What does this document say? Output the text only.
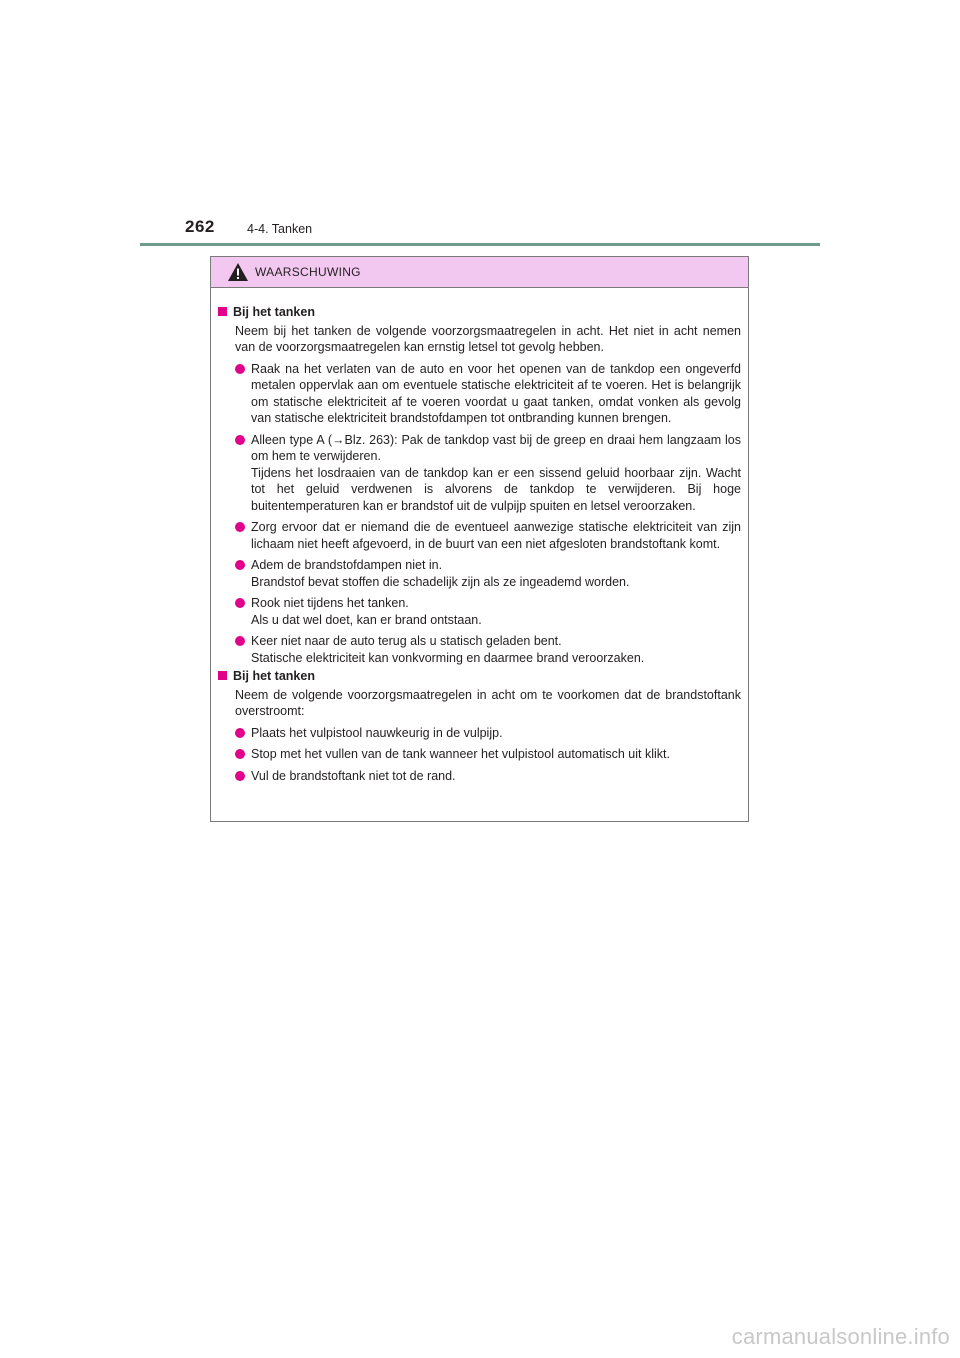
262	4-4. Tanken
WAARSCHUWING
Bij het tanken
Neem bij het tanken de volgende voorzorgsmaatregelen in acht. Het niet in acht nemen van de voorzorgsmaatregelen kan ernstig letsel tot gevolg hebben.
Raak na het verlaten van de auto en voor het openen van de tankdop een ongeverfd metalen oppervlak aan om eventuele statische elektriciteit af te voeren. Het is belangrijk om statische elektriciteit af te voeren voordat u gaat tanken, omdat vonken als gevolg van statische elektriciteit brandstofdampen tot ontbranding kunnen brengen.
Alleen type A (→Blz. 263): Pak de tankdop vast bij de greep en draai hem langzaam los om hem te verwijderen.
Tijdens het losdraaien van de tankdop kan er een sissend geluid hoorbaar zijn. Wacht tot het geluid verdwenen is alvorens de tankdop te verwijderen. Bij hoge buitentemperaturen kan er brandstof uit de vulpijp spuiten en letsel veroorzaken.
Zorg ervoor dat er niemand die de eventueel aanwezige statische elektriciteit van zijn lichaam niet heeft afgevoerd, in de buurt van een niet afgesloten brandstoftank komt.
Adem de brandstofdampen niet in.
Brandstof bevat stoffen die schadelijk zijn als ze ingeademd worden.
Rook niet tijdens het tanken.
Als u dat wel doet, kan er brand ontstaan.
Keer niet naar de auto terug als u statisch geladen bent.
Statische elektriciteit kan vonkvorming en daarmee brand veroorzaken.
Bij het tanken
Neem de volgende voorzorgsmaatregelen in acht om te voorkomen dat de brandstoftank overstroomt:
Plaats het vulpistool nauwkeurig in de vulpijp.
Stop met het vullen van de tank wanneer het vulpistool automatisch uit klikt.
Vul de brandstoftank niet tot de rand.
carmanualsonline.info
